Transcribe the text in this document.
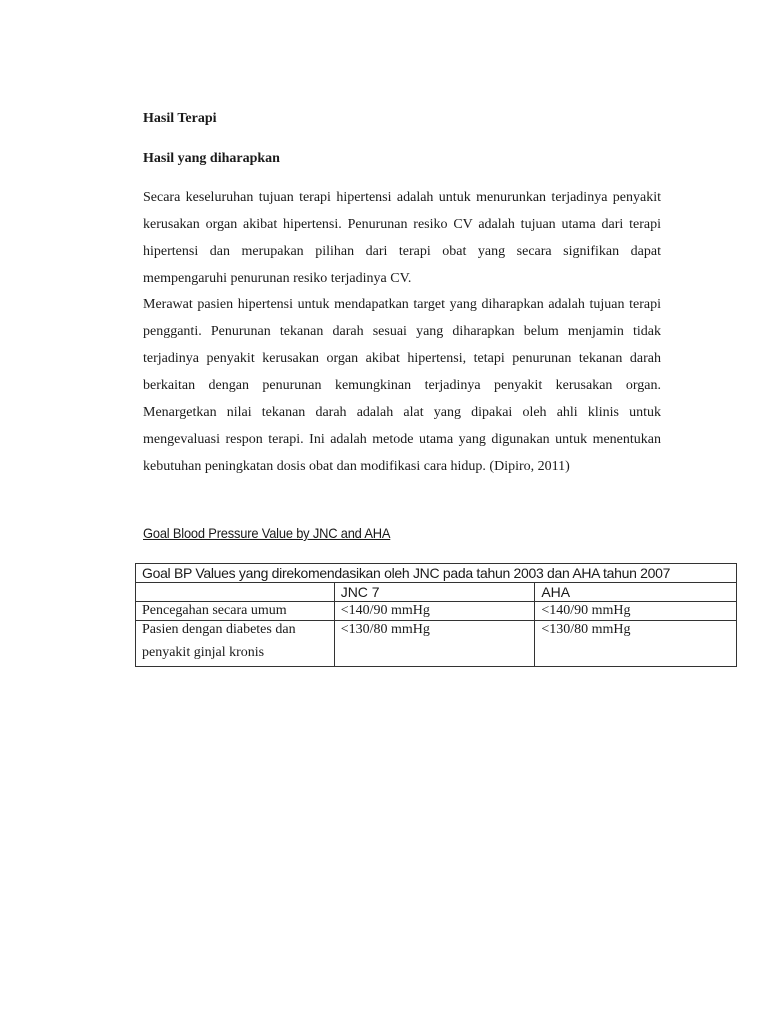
Hasil Terapi

Hasil yang diharapkan

Secara keseluruhan tujuan terapi hipertensi adalah untuk menurunkan terjadinya penyakit kerusakan organ akibat hipertensi. Penurunan resiko CV adalah tujuan utama dari terapi hipertensi dan merupakan pilihan dari terapi obat yang secara signifikan dapat mempengaruhi penurunan resiko terjadinya CV.

Merawat pasien hipertensi untuk mendapatkan target yang diharapkan adalah tujuan terapi pengganti. Penurunan tekanan darah sesuai yang diharapkan belum menjamin tidak terjadinya penyakit kerusakan organ akibat hipertensi, tetapi penurunan tekanan darah berkaitan dengan penurunan kemungkinan terjadinya penyakit kerusakan organ. Menargetkan nilai tekanan darah adalah alat yang dipakai oleh ahli klinis untuk mengevaluasi respon terapi. Ini adalah metode utama yang digunakan untuk menentukan kebutuhan peningkatan dosis obat dan modifikasi cara hidup. (Dipiro, 2011)

Goal Blood Pressure Value by JNC and AHA

Goal BP Values yang direkomendasikan oleh JNC pada tahun 2003 dan AHA tahun 2007		
	JNC 7	AHA
Pencegahan secara umum	<140/90 mmHg	<140/90 mmHg

Pasien dengan diabetes dan
penyakit ginjal kronis	<130/80 mmHg	<130/80 mmHg
